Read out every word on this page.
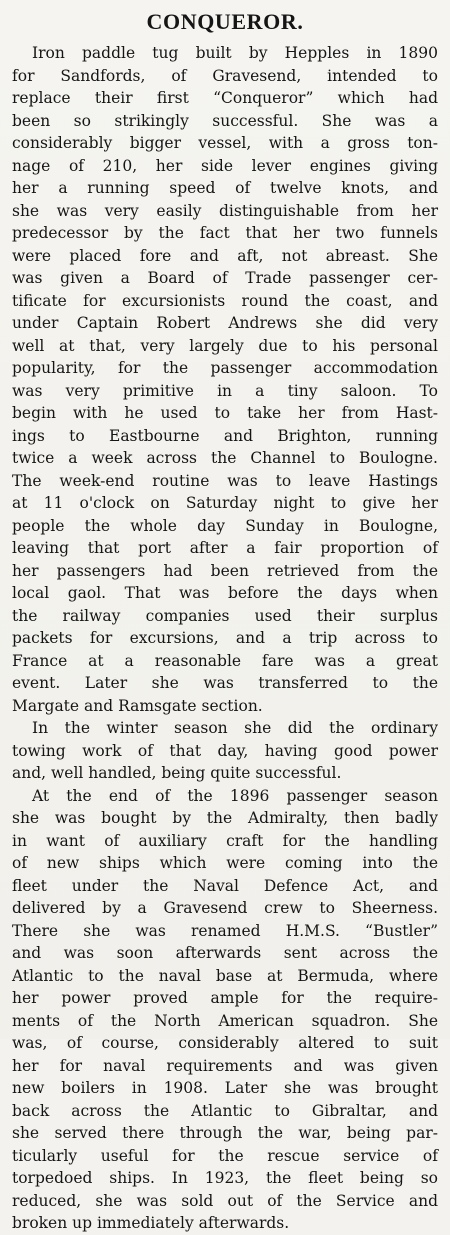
CONQUEROR.

Iron paddle tug built by Hepples in 1890
for Sandfords, of Gravesend, intended to
replace their first “Conqueror” which had
been so strikingly successful. She was a
considerably bigger vessel, with a gross ton-
nage of 210, her side lever engines giving
her a running speed of twelve knots, and
she was very easily distinguishable from her
predecessor by the fact that her two funnels
were placed fore and aft, not abreast. She
was given a Board of Trade passenger cer-
tificate for excursionists round the coast, and
under Captain Robert Andrews she did very
well at that, very largely due to his personal
popularity, for the passenger accommodation
was very primitive in a tiny saloon. To
begin with he used to take her from Hast-
ings to Eastbourne and Brighton, running
twice a week across the Channel to Boulogne.
The week-end routine was to leave Hastings
at 11 o'clock on Saturday night to give her
people the whole day Sunday in Boulogne,
leaving that port after a fair proportion of
her passengers had been retrieved from the
local gaol. That was before the days when
the railway companies used their surplus
packets for excursions, and a trip across to
France at a reasonable fare was a great
event. Later she was transferred to the
Margate and Ramsgate section.

In the winter season she did the ordinary
towing work of that day, having good power
and, well handled, being quite successful.

At the end of the 1896 passenger season
she was bought by the Admiralty, then badly
in want of auxiliary craft for the handling
of new ships which were coming into the
fleet under the Naval Defence Act, and
delivered by a Gravesend crew to Sheerness.
There she was renamed H.M.S. “Bustler”
and was soon afterwards sent across the
Atlantic to the naval base at Bermuda, where
her power proved ample for the require-
ments of the North American squadron. She
was, of course, considerably altered to suit
her for naval requirements and was given
new boilers in 1908. Later she was brought
back across the Atlantic to Gibraltar, and
she served there through the war, being par-
ticularly useful for the rescue service of
torpedoed ships. In 1923, the fleet being so
reduced, she was sold out of the Service and
broken up immediately afterwards.
